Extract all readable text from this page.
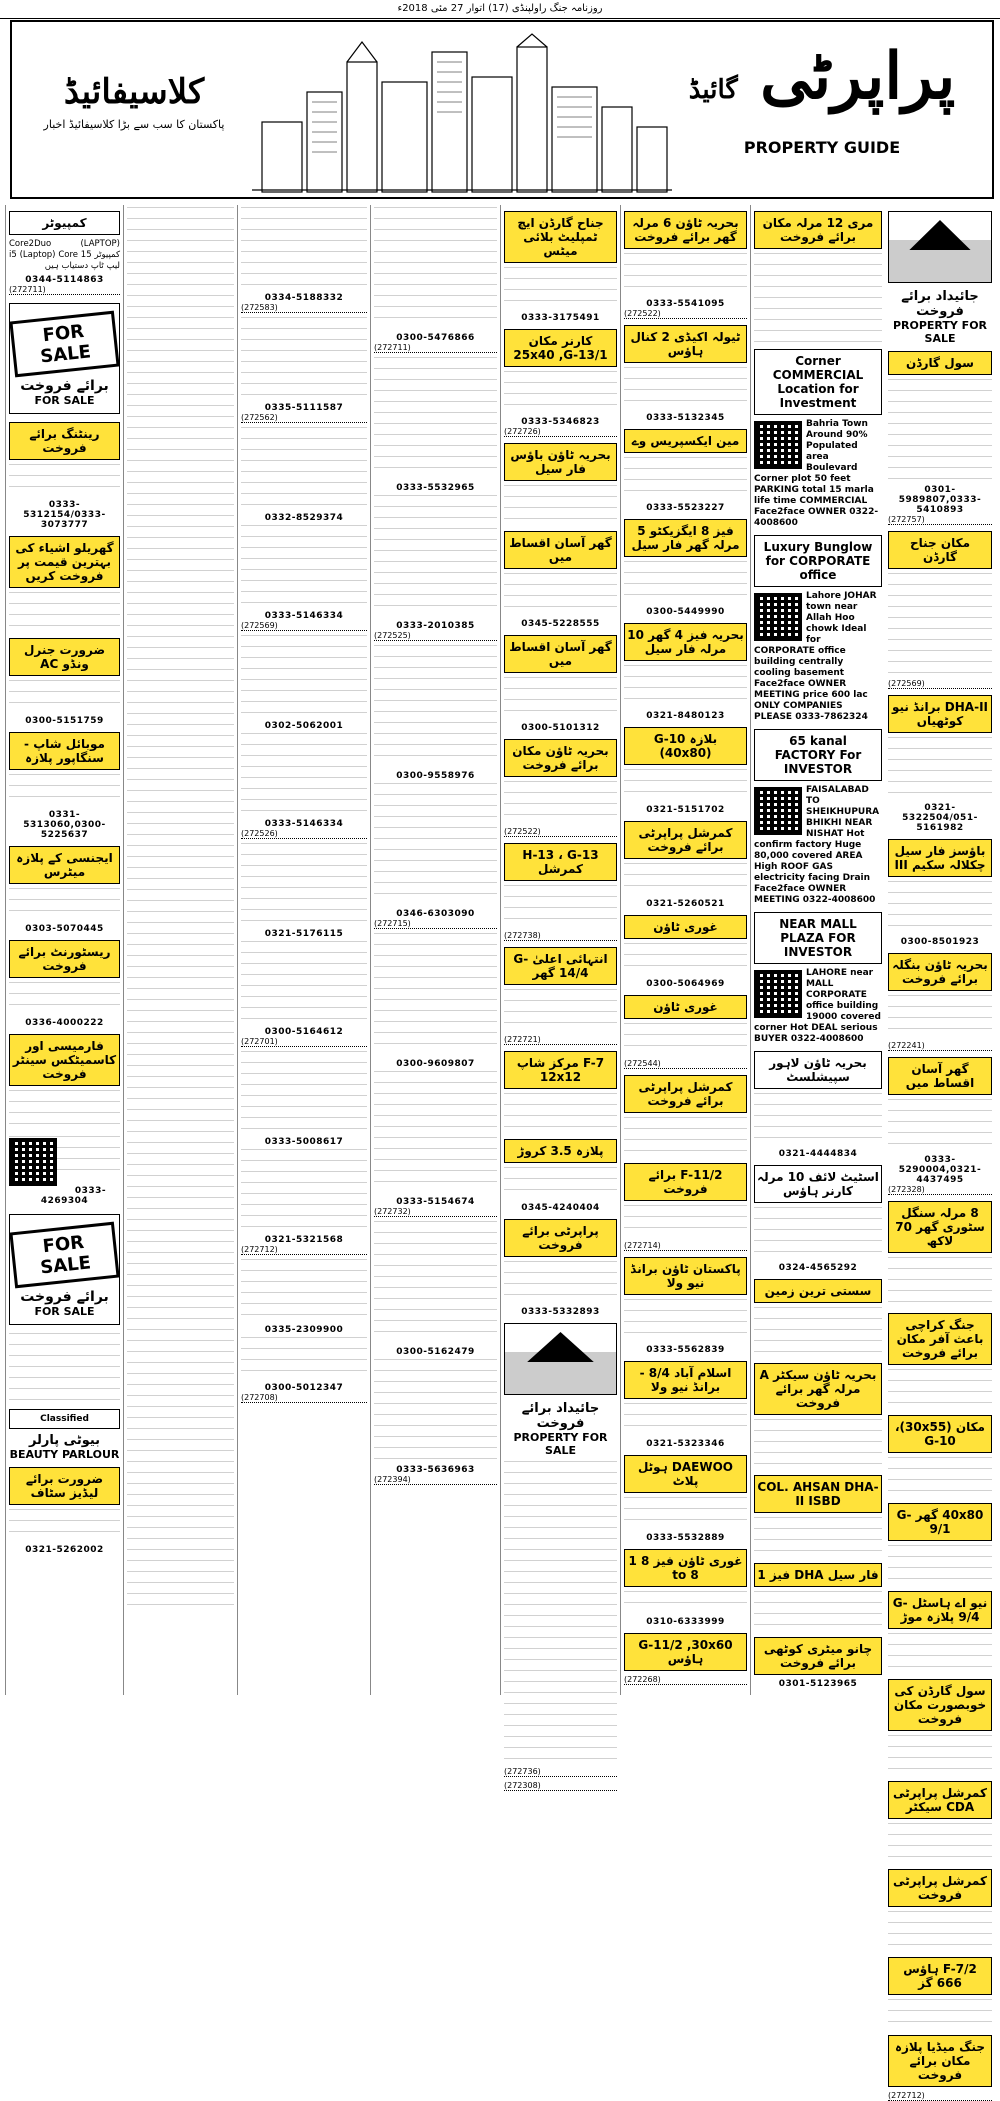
روزنامہ جنگ راولپنڈی (17) اتوار 27 مئی 2018ء
کلاسیفائیڈ
پاکستان کا سب سے بڑا کلاسیفائیڈ اخبار
پراپرٹی گائیڈ
PROPERTY GUIDE
جائیداد برائے فروخت
PROPERTY FOR SALE
سول گارڈن
0301-5989807,0333-5410893
(272757)
مکان جناح گارڈن
(272569)
DHA-II برانڈ نیو کوٹھیاں
0321-5322504/051-5161982
باؤسز فار سیل چکلالہ سکیم III
0300-8501923
بحریہ ٹاؤن بنگلہ برائے فروخت
(272241)
گھر آسان اقساط میں
0333-5290004,0321-4437495
(272328)
8 مرلہ سنگل سٹوری گھر 70 لاکھ
جنگ کراچی باعث آفر مکان برائے فروخت
مکان (30x55)، G-10
40x80 گھر G-9/1
نیو اے ہاسٹل G-9/4 پلازہ موڑ
سول گارڈن کی خوبصورت مکان فروخت
کمرشل پراپرٹی CDA سیکٹر
کمرشل پراپرٹی فروخت
F-7/2 ہاؤس 666 گز
جنگ میڈیا پلازہ مکان برائے فروخت
(272712)
مری 12 مرلہ مکان برائے فروخت
Corner COMMERCIAL Location for Investment
Bahria Town Around 90% Populated area Boulevard Corner plot 50 feet PARKING total 15 marla life time COMMERCIAL Face2face OWNER 0322-4008600
Luxury Bunglow for CORPORATE office
Lahore JOHAR town near Allah Hoo chowk Ideal for CORPORATE office building centrally cooling basement Face2face OWNER MEETING price 600 lac ONLY COMPANIES PLEASE 0333-7862324
65 kanal FACTORY For INVESTOR
FAISALABAD TO SHEIKHUPURA BHIKHI NEAR NISHAT Hot confirm factory Huge 80,000 covered AREA High ROOF GAS electricity facing Drain Face2face OWNER MEETING 0322-4008600
NEAR MALL PLAZA FOR INVESTOR
LAHORE near MALL CORPORATE office building 19000 covered corner Hot DEAL serious BUYER 0322-4008600
بحریہ ٹاؤن لاہور سپیشلسٹ
0321-4444834
اسٹیٹ لائف 10 مرلہ کارنر ہاؤس
0324-4565292
سستی ترین زمین
بحریہ ٹاؤن سیکٹر A مرلہ گھر برائے فروخت
COL. AHSAN DHA-II ISBD
فار سیل DHA فیز 1
چانو میٹری کوٹھی برائے فروخت
0301-5123965
بحریہ ٹاؤن 6 مرلہ گھر برائے فروخت
0333-5541095
(272522)
ٹیولہ اکیڈی 2 کنال ہاؤس
0333-5132345
مین ایکسپریس وے
0333-5523227
فیز 8 ایگزیکٹو 5 مرلہ گھر فار سیل
0300-5449990
بحریہ فیز 4 گھر 10 مرلہ فار سیل
0321-8480123
بلازہ G-10 (40x80)
0321-5151702
کمرشل پراپرٹی برائے فروخت
0321-5260521
غوری ٹاؤن
0300-5064969
غوری ٹاؤن
(272544)
کمرشل پراپرٹی برائے فروخت
F-11/2 برائے فروخت
(272714)
پاکستان ٹاؤن برانڈ نیو ولا
0333-5562839
اسلام آباد 8/4 - برانڈ نیو ولا
0321-5323346
DAEWOO ہوٹل پلاٹ
0333-5532889
غوری ٹاؤن فیز 8 1 to 8
0310-6333999
G-11/2 ,30x60 ہاؤس
(272268)
جناح گارڈن ایچ ٹمپلیٹ بلائی میٹس
0333-3175491
کارنر مکان 25x40 ,G-13/1
0333-5346823
(272726)
بحریہ ٹاؤن باؤس فار سیل
گھر آسان اقساط میں
0345-5228555
گھر آسان اقساط میں
0300-5101312
بحریہ ٹاؤن مکان برائے فروخت
(272522)
H-13 ، G-13 کمرشل
(272738)
انتہائی اعلیٰ G-14/4 گھر
(272721)
F-7 مرکز شاپ 12x12
پلازہ 3.5 کروڑ
0345-4240404
پراپرٹی برائے فروخت
0333-5332893
جائیداد برائے فروخت
PROPERTY FOR SALE
(272736)
(272308)
0300-5476866
(272711)
0333-5532965
0333-2010385
(272525)
0300-9558976
0346-6303090
(272715)
0300-9609807
0333-5154674
(272732)
0300-5162479
0333-5636963
(272394)
0334-5188332
(272583)
0335-5111587
(272562)
0332-8529374
0333-5146334
(272569)
0302-5062001
0333-5146334
(272526)
0321-5176115
0300-5164612
(272701)
0333-5008617
0321-5321568
(272712)
0335-2309900
0300-5012347
(272708)
کمپیوٹر
Core2Duo (LAPTOP) کمپیوٹر i5 (Laptop) Core 15 لیپ ٹاپ دستیاب ہیں
0344-5114863
(272711)
FOR SALE
برائے فروخت
FOR SALE
رینٹنگ برائے فروخت
0333-5312154/0333-3073777
گھریلو اشیاء کی بہترین قیمت پر فروخت کریں
ضرورت جنرل ونڈو AC
0300-5151759
موبائل شاپ - سنگاپور پلازہ
0331-5313060,0300-5225637
ایجنسی کے پلازہ میٹرس
0303-5070445
ریسٹورنٹ برائے فروخت
0336-4000222
فارمیسی اور کاسمیٹکس سینٹر فروخت
0333-4269304
FOR SALE
برائے فروخت
FOR SALE
Classified
بیوٹی پارلر
BEAUTY PARLOUR
ضرورت برائے لیڈیز سٹاف
0321-5262002
